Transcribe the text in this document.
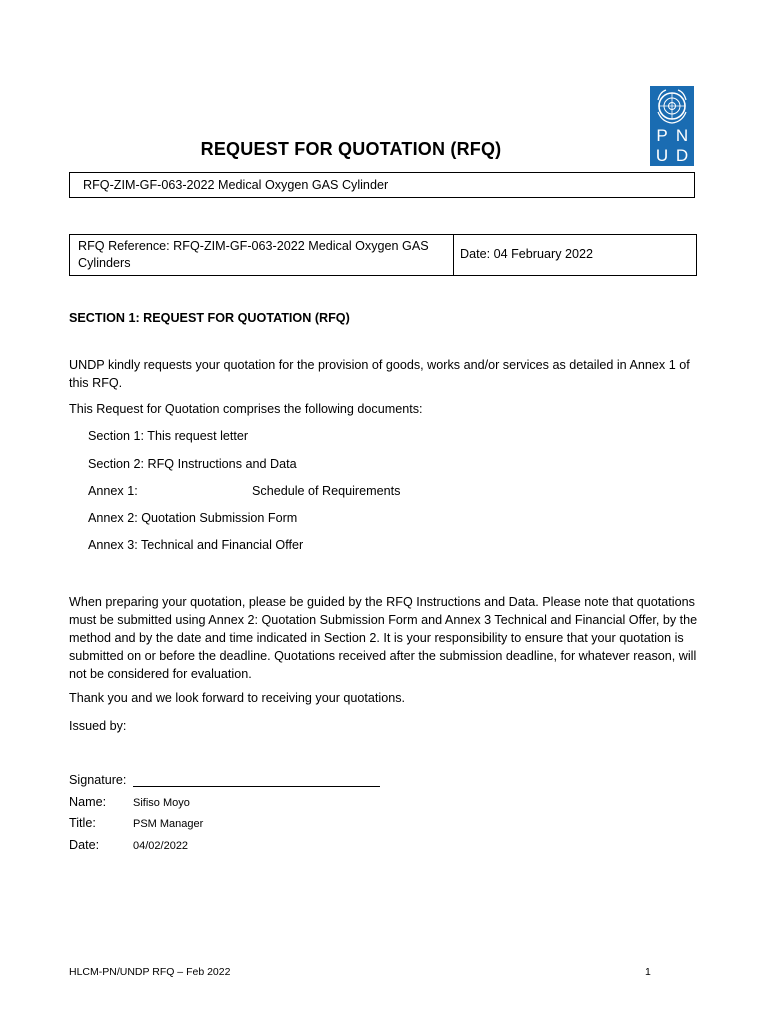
P N
U D
REQUEST FOR QUOTATION (RFQ)
RFQ-ZIM-GF-063-2022 Medical Oxygen GAS Cylinder
RFQ Reference: RFQ-ZIM-GF-063-2022 Medical Oxygen GAS Cylinders
Date: 04 February 2022
SECTION 1: REQUEST FOR QUOTATION (RFQ)
UNDP kindly requests your quotation for the provision of goods, works and/or services as detailed in Annex 1 of this RFQ.
This Request for Quotation comprises the following documents:
Section 1: This request letter
Section 2: RFQ Instructions and Data
Annex 1:	Schedule of Requirements
Annex 2: Quotation Submission Form
Annex 3: Technical and Financial Offer
When preparing your quotation, please be guided by the RFQ Instructions and Data. Please note that quotations must be submitted using Annex 2: Quotation Submission Form and Annex 3 Technical and Financial Offer, by the method and by the date and time indicated in Section 2. It is your responsibility to ensure that your quotation is submitted on or before the deadline. Quotations received after the submission deadline, for whatever reason, will not be considered for evaluation.
Thank you and we look forward to receiving your quotations.
Issued by:
Signature:
Name: Sifiso Moyo
Title:	PSM Manager
Date:	04/02/2022
HLCM-PN/UNDP RFQ – Feb 2022	1
